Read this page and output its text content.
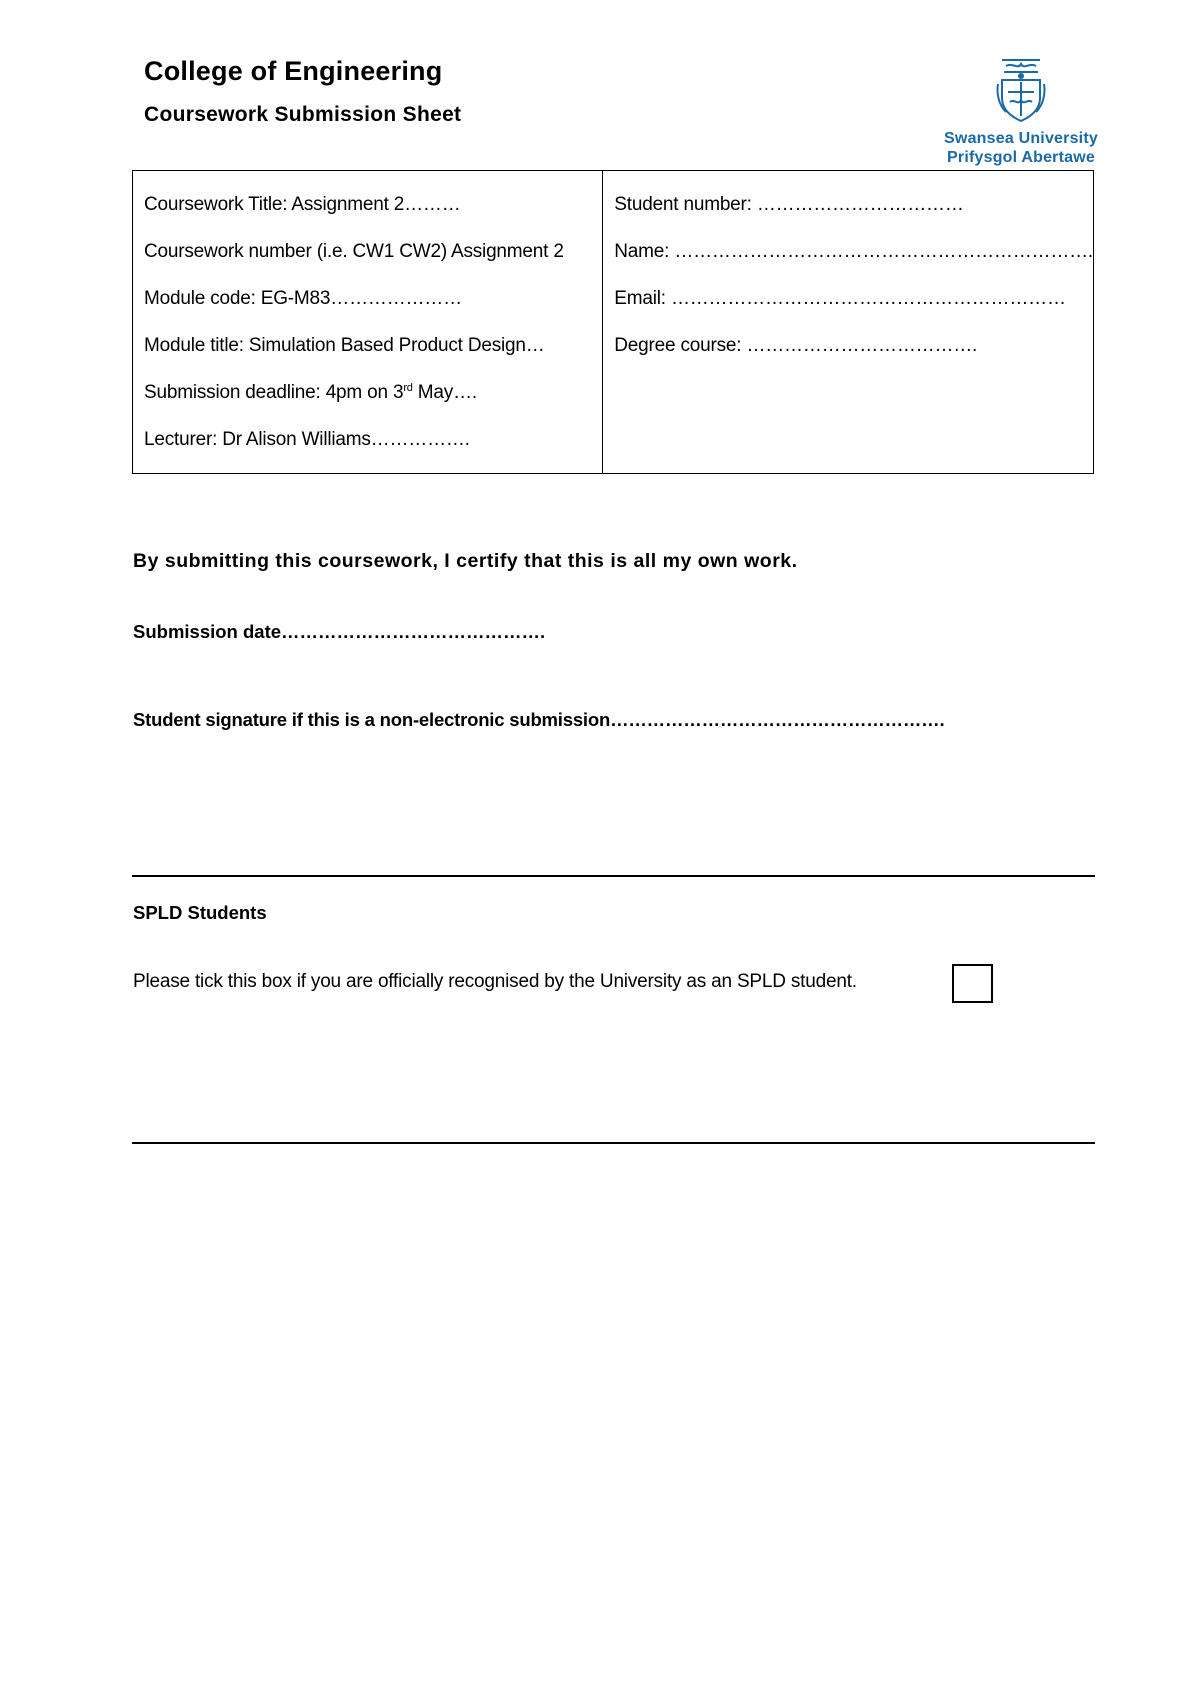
College of Engineering
Coursework Submission Sheet
Swansea University
Prifysgol Abertawe
Coursework Title: Assignment 2………
Coursework number (i.e. CW1 CW2) Assignment 2
Module code: EG-M83…………………
Module title: Simulation Based Product Design…
Submission deadline: 4pm on 3rd May….
Lecturer: Dr Alison Williams…………….
Student number: ……………………………
Name: ………………………………………………………….
Email: ………………………………………………………
Degree course: ……………………………….
By submitting this coursework, I certify that this is all my own work.
Submission date…………………………………….
Student signature if this is a non-electronic submission……………………………………………….
SPLD Students
Please tick this box if you are officially recognised by the University as an SPLD student.
